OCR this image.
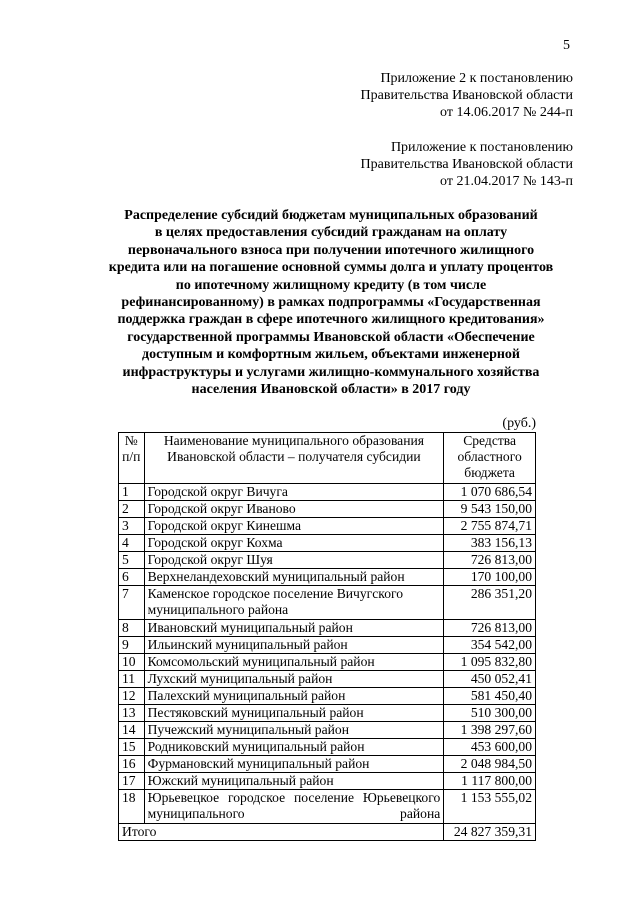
5
Приложение 2 к постановлению
Правительства Ивановской области
от 14.06.2017 № 244-п
Приложение к постановлению
Правительства Ивановской области
от 21.04.2017 № 143-п
Распределение субсидий бюджетам муниципальных образований
в целях предоставления субсидий гражданам на оплату
первоначального взноса при получении ипотечного жилищного
кредита или на погашение основной суммы долга и уплату процентов
по ипотечному жилищному кредиту (в том числе
рефинансированному) в рамках подпрограммы «Государственная
поддержка граждан в сфере ипотечного жилищного кредитования»
государственной программы Ивановской области «Обеспечение
доступным и комфортным жильем, объектами инженерной
инфраструктуры и услугами жилищно-коммунального хозяйства
населения Ивановской области» в 2017 году
(руб.)
№ п/п	Наименование муниципального образования Ивановской области – получателя субсидии	Средства областного бюджета
1	Городской округ Вичуга	1 070 686,54
2	Городской округ Иваново	9 543 150,00
3	Городской округ Кинешма	2 755 874,71
4	Городской округ Кохма	383 156,13
5	Городской округ Шуя	726 813,00
6	Верхнеландеховский муниципальный район	170 100,00
7	Каменское городское поселение Вичугского муниципального района	286 351,20
8	Ивановский муниципальный район	726 813,00
9	Ильинский муниципальный район	354 542,00
10	Комсомольский муниципальный район	1 095 832,80
11	Лухский муниципальный район	450 052,41
12	Палехский муниципальный район	581 450,40
13	Пестяковский муниципальный район	510 300,00
14	Пучежский муниципальный район	1 398 297,60
15	Родниковский муниципальный район	453 600,00
16	Фурмановский муниципальный район	2 048 984,50
17	Южский муниципальный район	1 117 800,00
18	Юрьевецкое городское поселение Юрьевецкого муниципального района	1 153 555,02
Итого		24 827 359,31
